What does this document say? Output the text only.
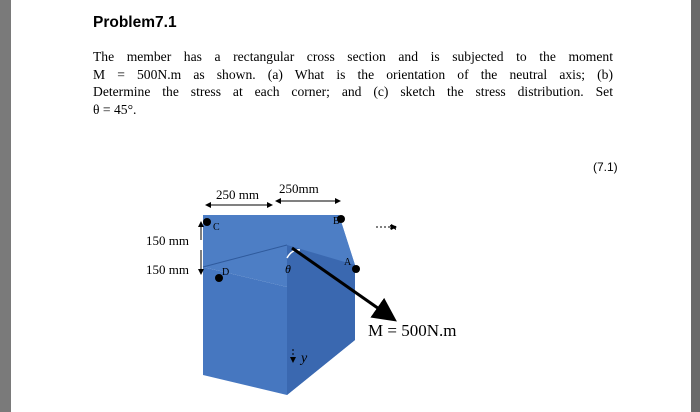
Problem7.1
The member has a rectangular cross section and is subjected to the moment
M = 500N.m as shown. (a) What is the orientation of the neutral axis; (b)
Determine the stress at each corner; and (c) sketch the stress distribution. Set
θ = 45°.
(7.1)
C
B
A
D
250 mm 250mm
150 mm
150 mm	θ
M = 500N.m
z
y
